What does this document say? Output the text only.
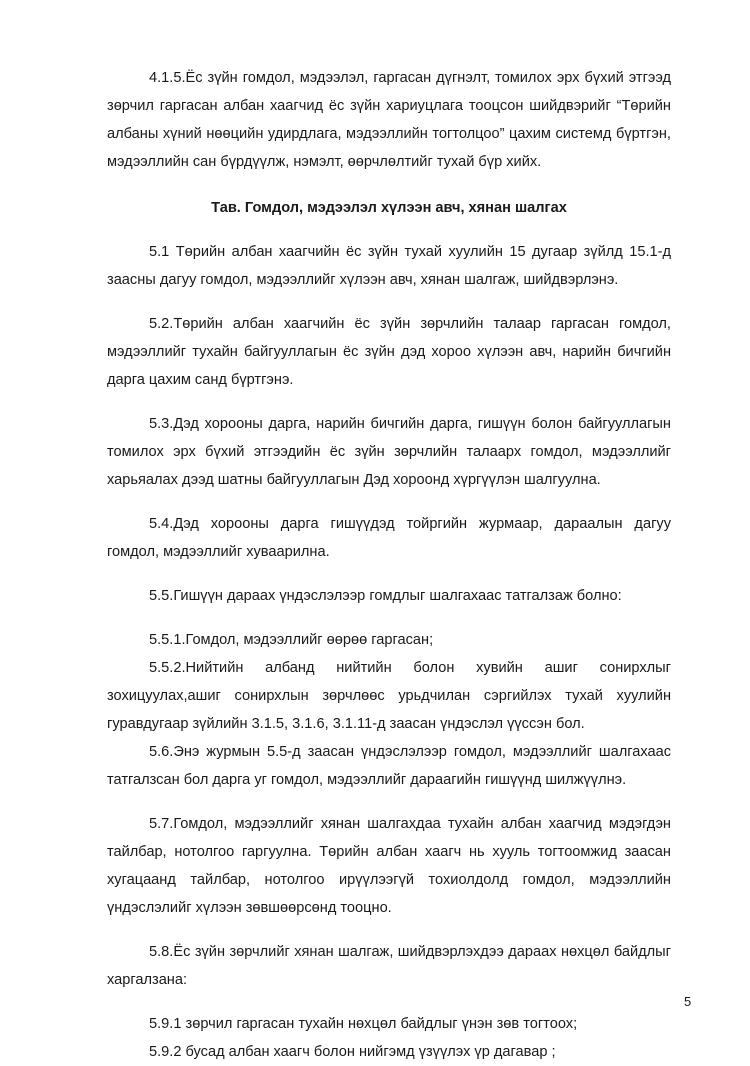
4.1.5.Ёс зүйн гомдол, мэдээлэл, гаргасан дүгнэлт, томилох эрх бүхий этгээд зөрчил гаргасан албан хаагчид ёс зүйн хариуцлага тооцсон шийдвэрийг “Төрийн албаны хүний нөөцийн удирдлага, мэдээллийн тогтолцоо” цахим системд бүртгэн, мэдээллийн сан бүрдүүлж, нэмэлт, өөрчлөлтийг тухай бүр хийх.

Тав. Гомдол, мэдээлэл хүлээн авч, хянан шалгах

5.1 Төрийн албан хаагчийн ёс зүйн тухай хуулийн 15 дугаар зүйлд 15.1-д заасны дагуу гомдол, мэдээллийг хүлээн авч, хянан шалгаж, шийдвэрлэнэ.

5.2.Төрийн албан хаагчийн ёс зүйн зөрчлийн талаар гаргасан гомдол, мэдээллийг тухайн байгууллагын ёс зүйн дэд хороо хүлээн авч, нарийн бичгийн дарга цахим санд бүртгэнэ.

5.3.Дэд хорооны дарга, нарийн бичгийн дарга, гишүүн болон байгууллагын томилох эрх бүхий этгээдийн ёс зүйн зөрчлийн талаарх гомдол, мэдээллийг харьяалах дээд шатны байгууллагын Дэд хороонд хүргүүлэн шалгуулна.

5.4.Дэд хорооны дарга гишүүдэд тойргийн журмаар, дараалын дагуу гомдол, мэдээллийг хуваарилна.

5.5.Гишүүн дараах үндэслэлээр гомдлыг шалгахаас татгалзаж болно:

5.5.1.Гомдол, мэдээллийг өөрөө гаргасан;

5.5.2.Нийтийн албанд нийтийн болон хувийн ашиг сонирхлыг зохицуулах,ашиг сонирхлын зөрчлөөс урьдчилан сэргийлэх тухай хуулийн гуравдугаар зүйлийн 3.1.5, 3.1.6, 3.1.11-д заасан үндэслэл үүссэн бол.

5.6.Энэ журмын 5.5-д заасан үндэслэлээр гомдол, мэдээллийг шалгахаас татгалзсан бол дарга уг гомдол, мэдээллийг дараагийн гишүүнд шилжүүлнэ.

5.7.Гомдол, мэдээллийг хянан шалгахдаа тухайн албан хаагчид мэдэгдэн тайлбар, нотолгоо гаргуулна. Төрийн албан хаагч нь хууль тогтоомжид заасан хугацаанд тайлбар, нотолгоо ирүүлээгүй тохиолдолд гомдол, мэдээллийн үндэслэлийг хүлээн зөвшөөрсөнд тооцно.

5.8.Ёс зүйн зөрчлийг хянан шалгаж, шийдвэрлэхдээ дараах нөхцөл байдлыг харгалзана:

5.9.1 зөрчил гаргасан тухайн нөхцөл байдлыг үнэн зөв тогтоох;

5.9.2 бусад албан хаагч болон нийгэмд үзүүлэх үр дагавар ;

5
